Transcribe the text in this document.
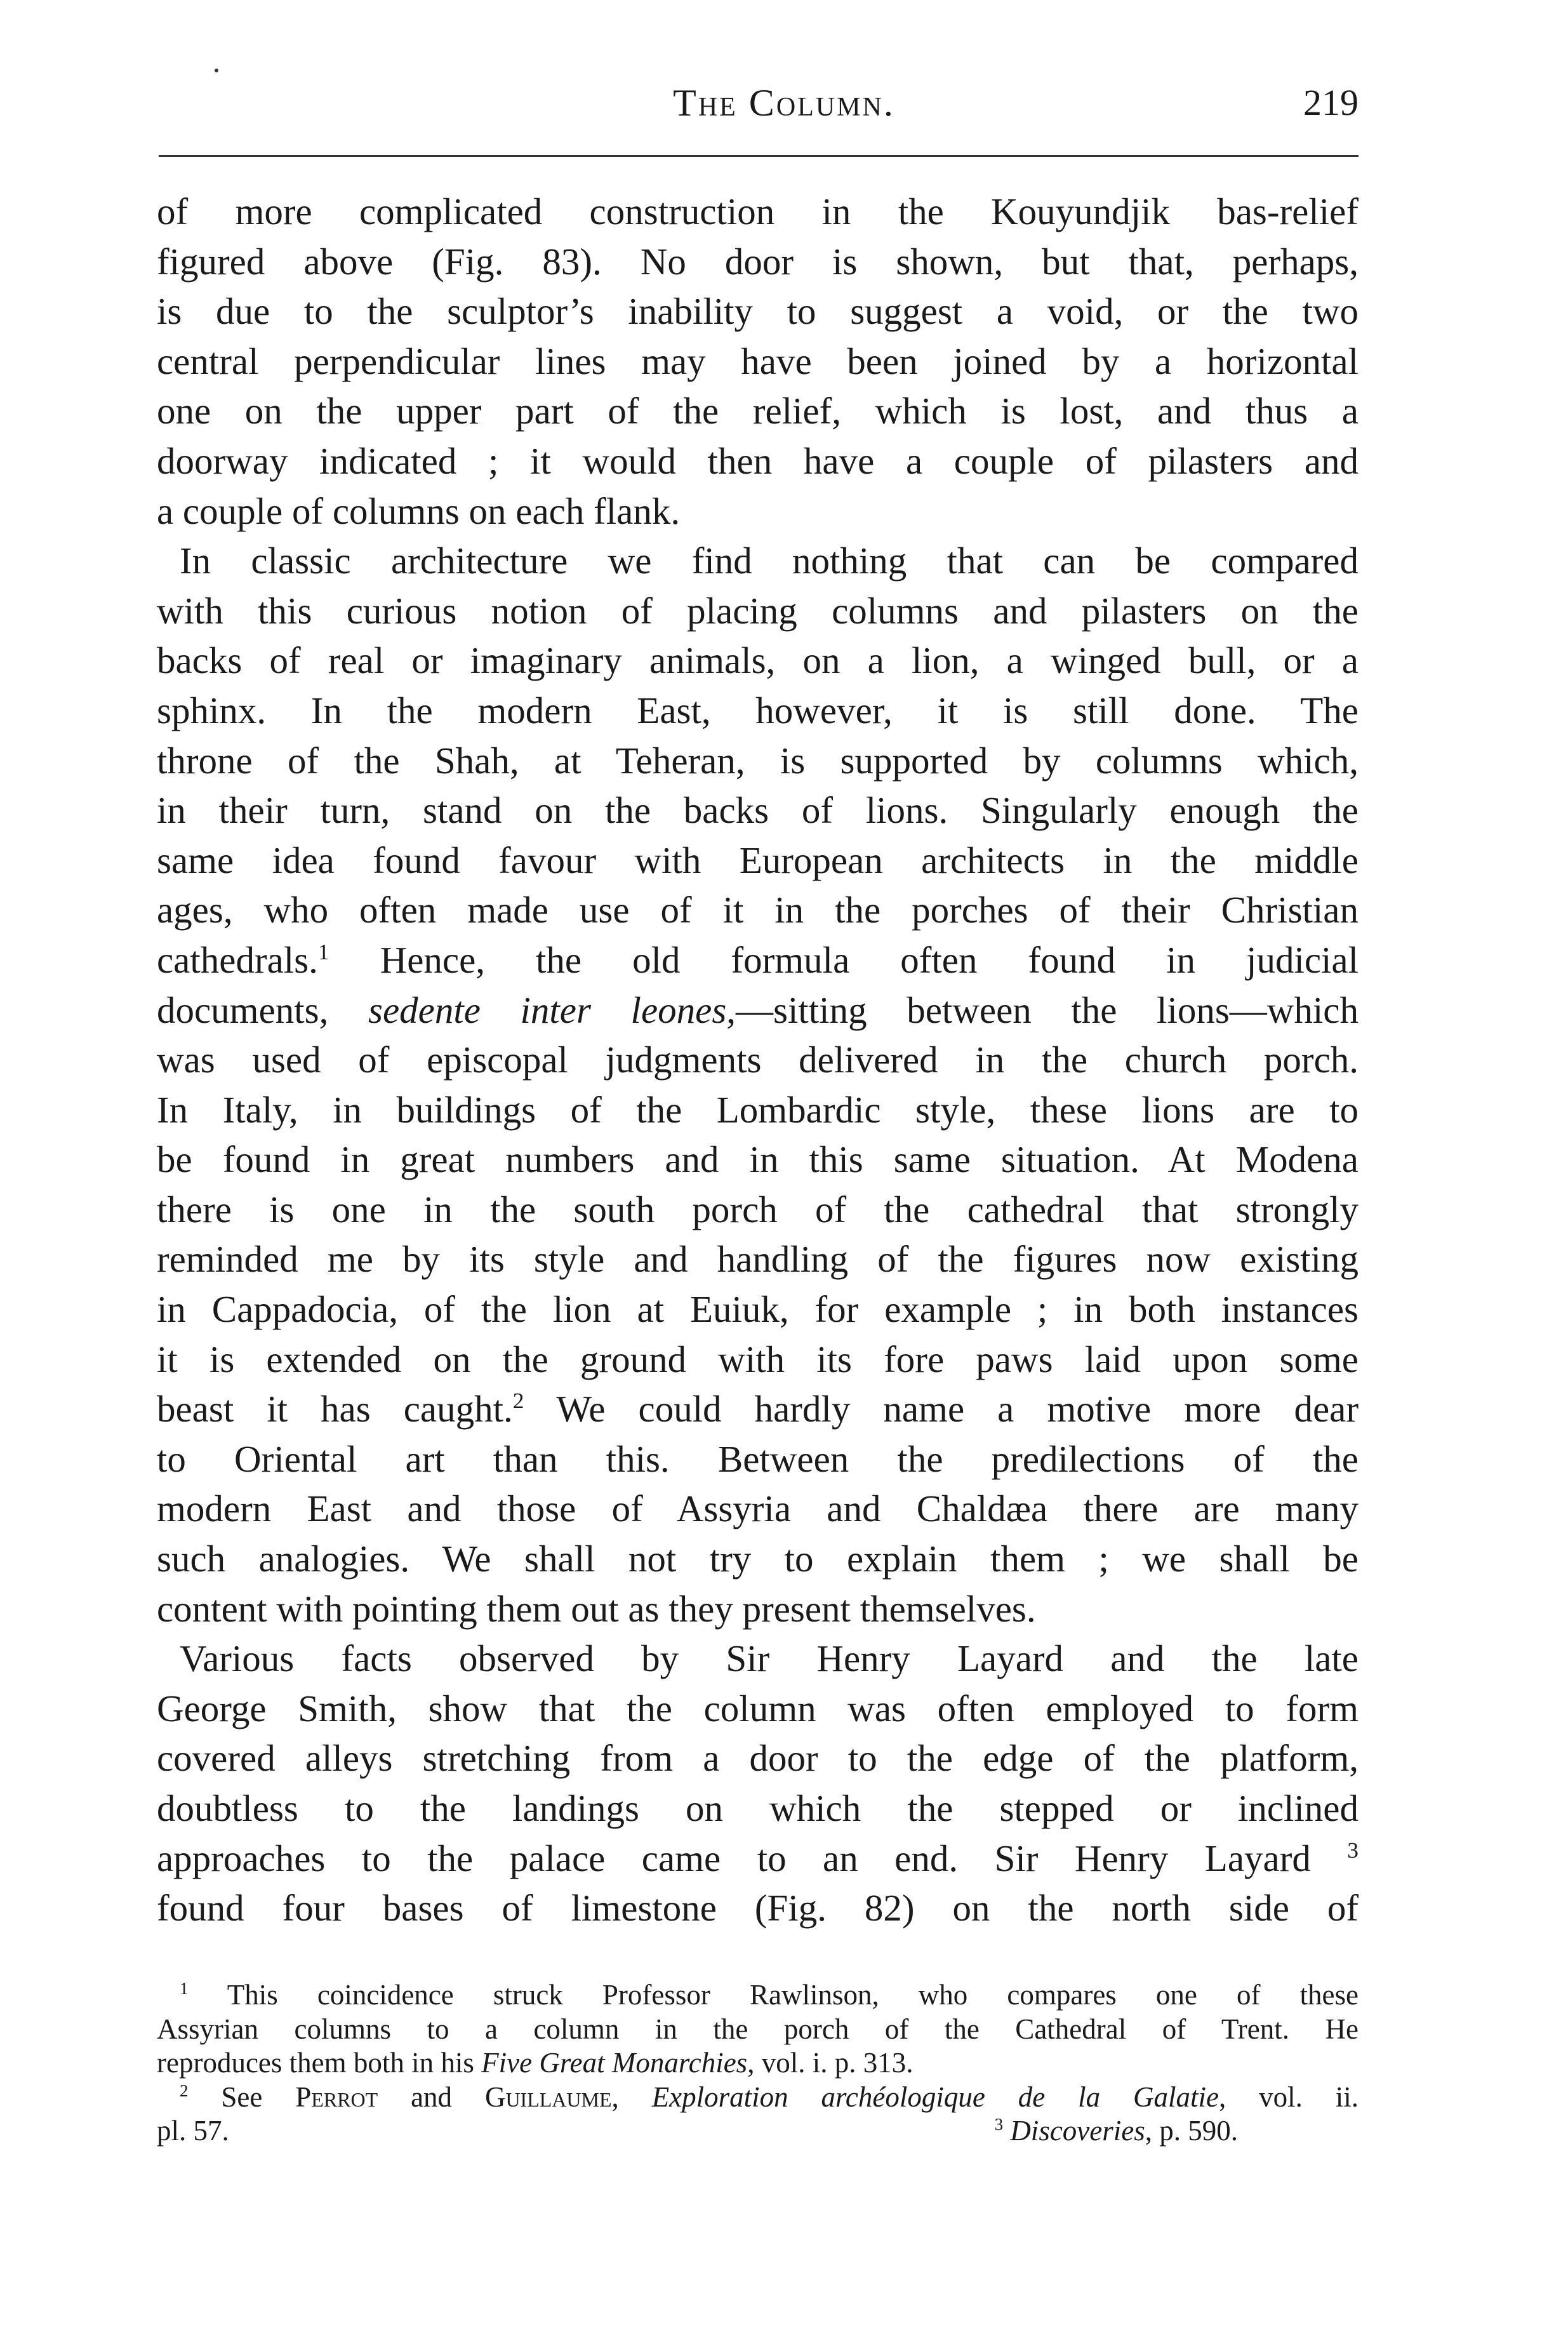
The Column.	219
of more complicated construction in the Kouyundjik bas-relief
figured above (Fig. 83). No door is shown, but that, perhaps,
is due to the sculptor’s inability to suggest a void, or the two
central perpendicular lines may have been joined by a horizontal
one on the upper part of the relief, which is lost, and thus a
doorway indicated ; it would then have a couple of pilasters and
a couple of columns on each flank.
In classic architecture we find nothing that can be compared
with this curious notion of placing columns and pilasters on the
backs of real or imaginary animals, on a lion, a winged bull, or a
sphinx. In the modern East, however, it is still done. The
throne of the Shah, at Teheran, is supported by columns which,
in their turn, stand on the backs of lions. Singularly enough the
same idea found favour with European architects in the middle
ages, who often made use of it in the porches of their Christian
cathedrals.$^1$ Hence, the old formula often found in judicial
documents, sedente inter leones,—sitting between the lions—which
was used of episcopal judgments delivered in the church porch.
In Italy, in buildings of the Lombardic style, these lions are to
be found in great numbers and in this same situation. At Modena
there is one in the south porch of the cathedral that strongly
reminded me by its style and handling of the figures now existing
in Cappadocia, of the lion at Euiuk, for example ; in both instances
it is extended on the ground with its fore paws laid upon some
beast it has caught.$^2$ We could hardly name a motive more dear
to Oriental art than this. Between the predilections of the
modern East and those of Assyria and Chaldæa there are many
such analogies. We shall not try to explain them ; we shall be
content with pointing them out as they present themselves.
Various facts observed by Sir Henry Layard and the late
George Smith, show that the column was often employed to form
covered alleys stretching from a door to the edge of the platform,
doubtless to the landings on which the stepped or inclined
approaches to the palace came to an end. Sir Henry Layard $^3$
found four bases of limestone (Fig. 82) on the north side of
$^1$ This coincidence struck Professor Rawlinson, who compares one of these
Assyrian columns to a column in the porch of the Cathedral of Trent. He
reproduces them both in his Five Great Monarchies, vol. i. p. 313.
$^2$ See Perrot and Guillaume, Exploration archéologique de la Galatie, vol. ii.
pl. 57.	$^3$ Discoveries, p. 590.
